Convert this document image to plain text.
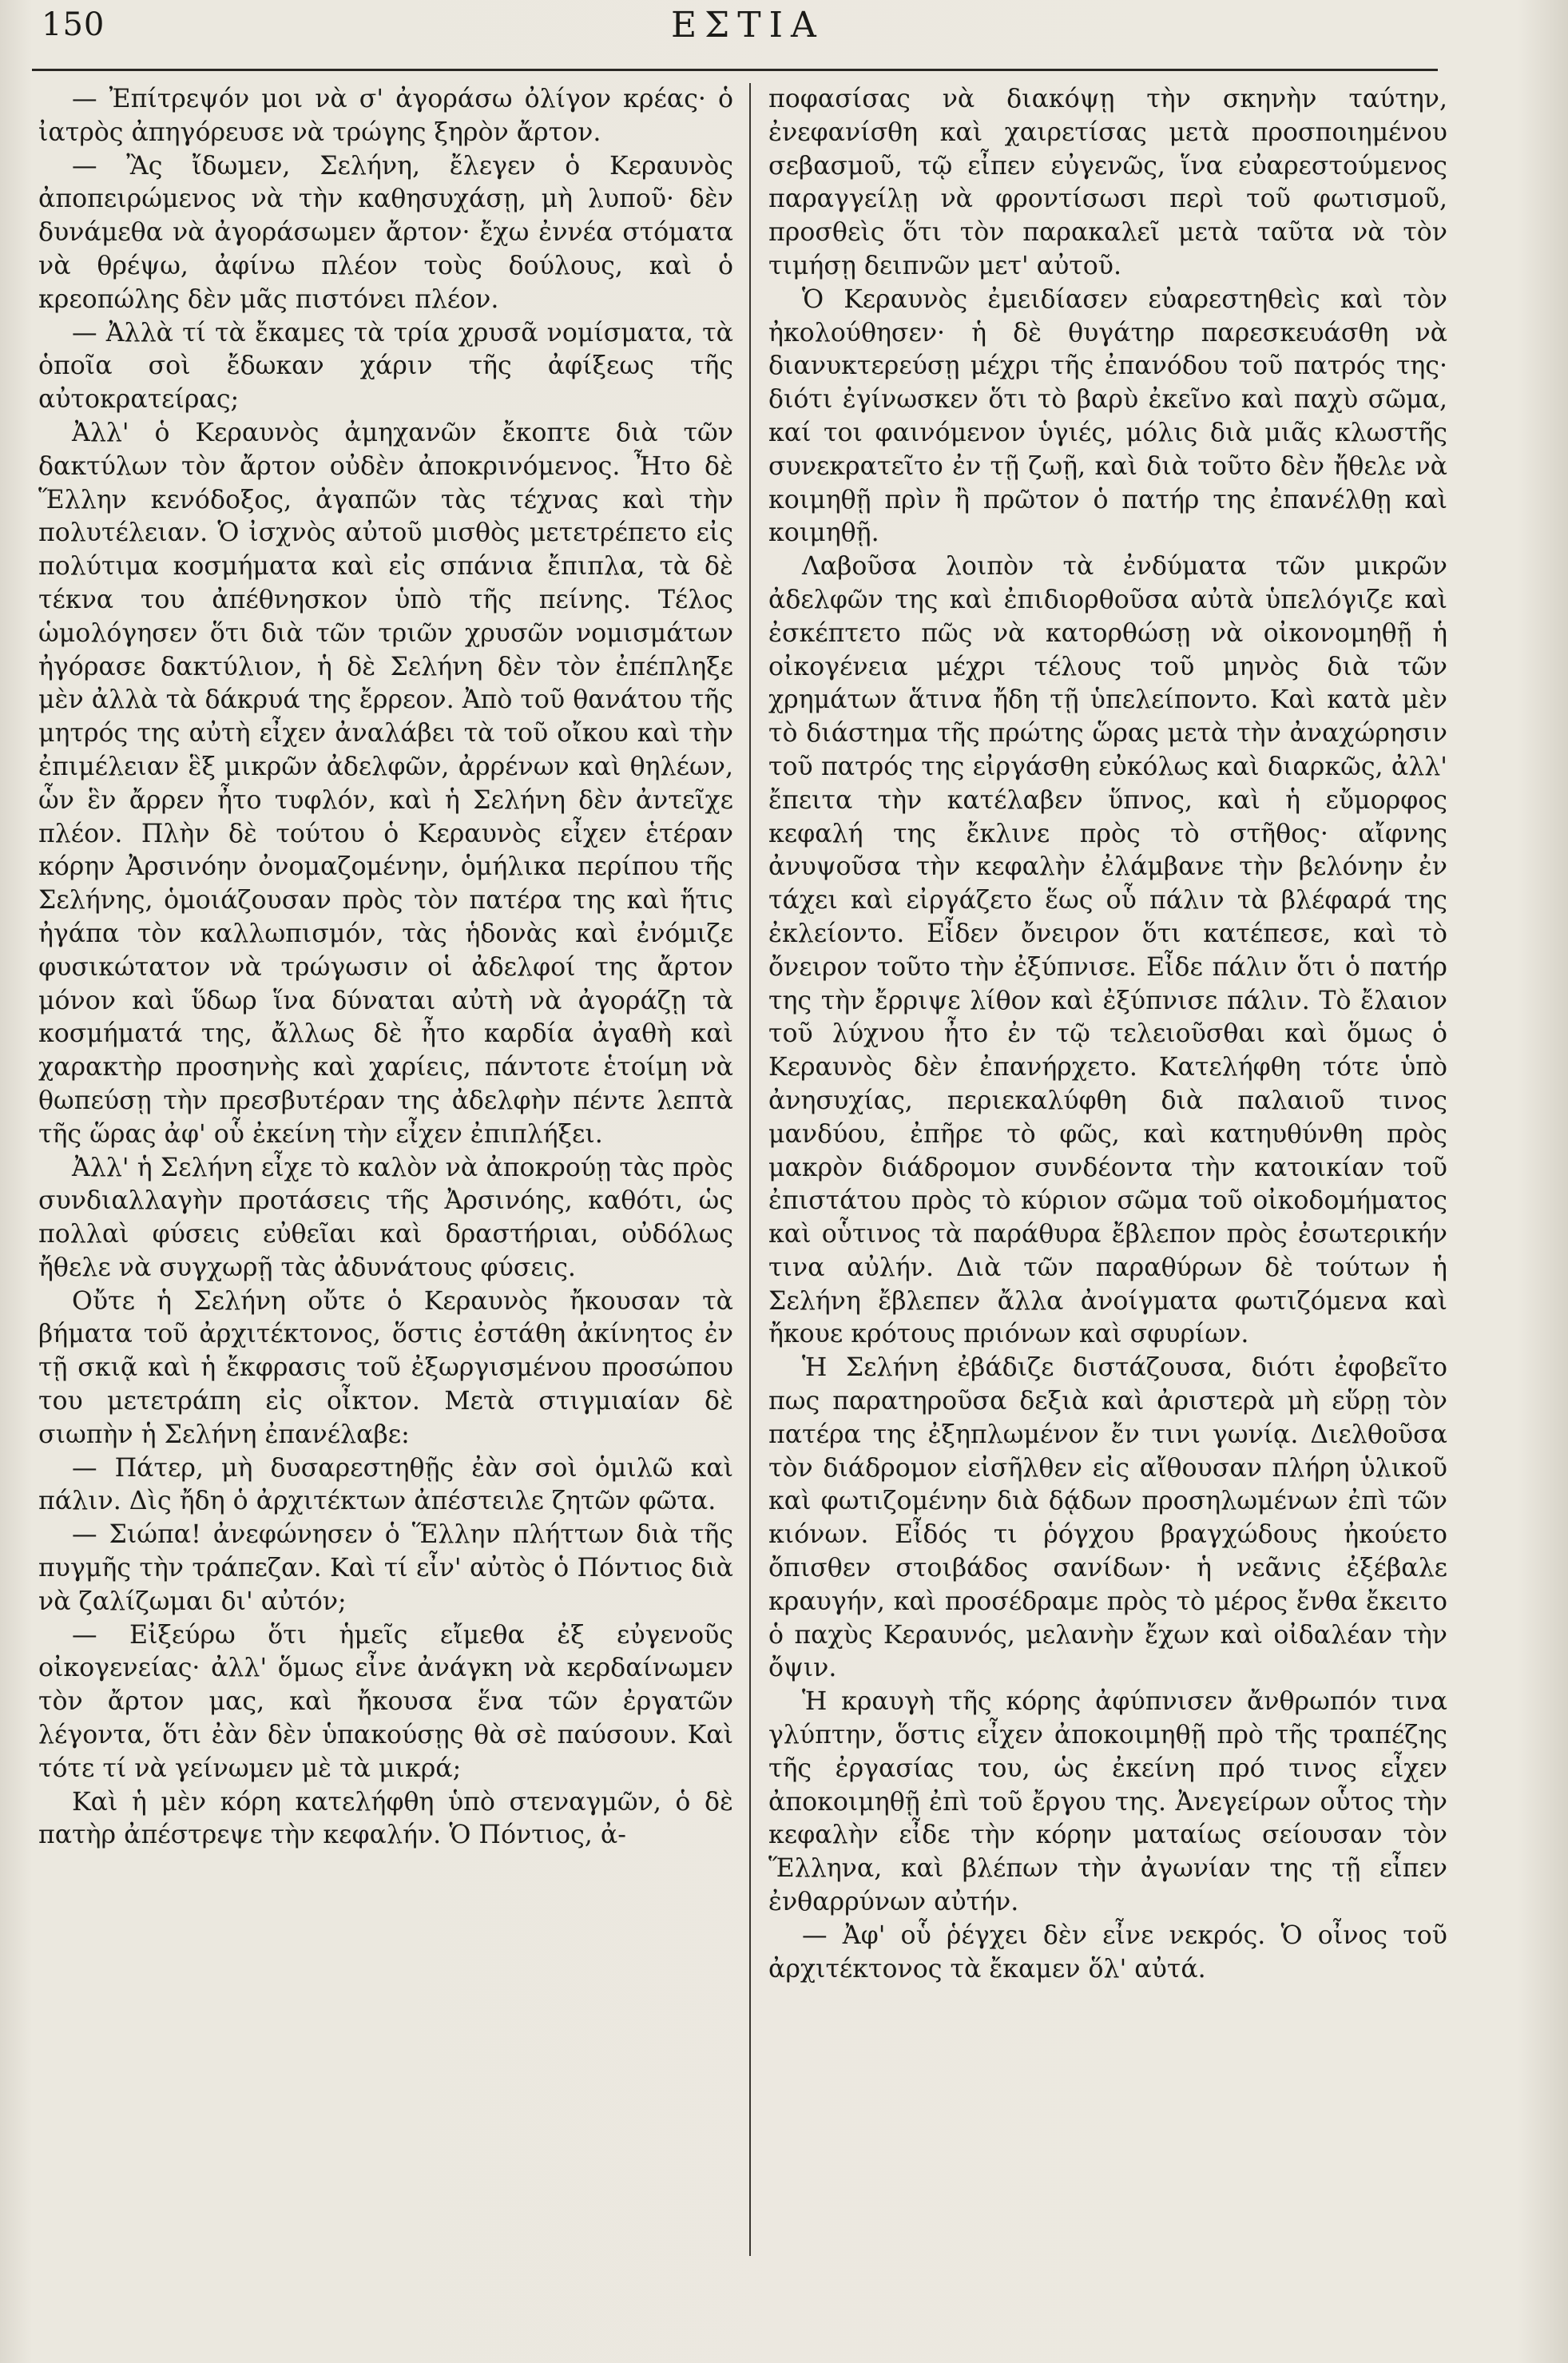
150	ΕΣΤΙΑ

— Ἐπίτρεψόν μοι νὰ σ' ἀγοράσω ὀλίγον κρέας· ὁ ἰατρὸς ἀπηγόρευσε νὰ τρώγης ξηρὸν ἄρτον.

— Ἂς ἴδωμεν, Σελήνη, ἔλεγεν ὁ Κεραυνὸς ἀποπειρώμενος νὰ τὴν καθησυχάσῃ, μὴ λυποῦ· δὲν δυνάμεθα νὰ ἀγοράσωμεν ἄρτον· ἔχω ἐννέα στόματα νὰ θρέψω, ἀφίνω πλέον τοὺς δούλους, καὶ ὁ κρεοπώλης δὲν μᾶς πιστόνει πλέον.

— Ἀλλὰ τί τὰ ἔκαμες τὰ τρία χρυσᾶ νομίσματα, τὰ ὁποῖα σοὶ ἔδωκαν χάριν τῆς ἀφίξεως τῆς αὐτοκρατείρας;

Ἀλλ' ὁ Κεραυνὸς ἀμηχανῶν ἔκοπτε διὰ τῶν δακτύλων τὸν ἄρτον οὐδὲν ἀποκρινόμενος. Ἦτο δὲ Ἕλλην κενόδοξος, ἀγαπῶν τὰς τέχνας καὶ τὴν πολυτέλειαν. Ὁ ἰσχνὸς αὐτοῦ μισθὸς μετετρέπετο εἰς πολύτιμα κοσμήματα καὶ εἰς σπάνια ἔπιπλα, τὰ δὲ τέκνα του ἀπέθνησκον ὑπὸ τῆς πείνης. Τέλος ὡμολόγησεν ὅτι διὰ τῶν τριῶν χρυσῶν νομισμάτων ἠγόρασε δακτύλιον, ἡ δὲ Σελήνη δὲν τὸν ἐπέπληξε μὲν ἀλλὰ τὰ δάκρυά της ἔρρεον. Ἀπὸ τοῦ θανάτου τῆς μητρός της αὐτὴ εἶχεν ἀναλάβει τὰ τοῦ οἴκου καὶ τὴν ἐπιμέλειαν ἓξ μικρῶν ἀδελφῶν, ἀρρένων καὶ θηλέων, ὧν ἓν ἄρρεν ἦτο τυφλόν, καὶ ἡ Σελήνη δὲν ἀντεῖχε πλέον. Πλὴν δὲ τούτου ὁ Κεραυνὸς εἶχεν ἑτέραν κόρην Ἀρσινόην ὀνομαζομένην, ὁμήλικα περίπου τῆς Σελήνης, ὁμοιάζουσαν πρὸς τὸν πατέρα της καὶ ἥτις ἠγάπα τὸν καλλωπισμόν, τὰς ἡδονὰς καὶ ἐνόμιζε φυσικώτατον νὰ τρώγωσιν οἱ ἀδελφοί της ἄρτον μόνον καὶ ὕδωρ ἵνα δύναται αὐτὴ νὰ ἀγοράζῃ τὰ κοσμήματά της, ἄλλως δὲ ἦτο καρδία ἀγαθὴ καὶ χαρακτὴρ προσηνὴς καὶ χαρίεις, πάντοτε ἑτοίμη νὰ θωπεύσῃ τὴν πρεσβυτέραν της ἀδελφὴν πέντε λεπτὰ τῆς ὥρας ἀφ' οὗ ἐκείνη τὴν εἶχεν ἐπιπλήξει.

Ἀλλ' ἡ Σελήνη εἶχε τὸ καλὸν νὰ ἀποκρούῃ τὰς πρὸς συνδιαλλαγὴν προτάσεις τῆς Ἀρσινόης, καθότι, ὡς πολλαὶ φύσεις εὐθεῖαι καὶ δραστήριαι, οὐδόλως ἤθελε νὰ συγχωρῇ τὰς ἀδυνάτους φύσεις.

Οὔτε ἡ Σελήνη οὔτε ὁ Κεραυνὸς ἤκουσαν τὰ βήματα τοῦ ἀρχιτέκτονος, ὅστις ἐστάθη ἀκίνητος ἐν τῇ σκιᾷ καὶ ἡ ἔκφρασις τοῦ ἐξωργισμένου προσώπου του μετετράπη εἰς οἶκτον. Μετὰ στιγμιαίαν δὲ σιωπὴν ἡ Σελήνη ἐπανέλαβε:

— Πάτερ, μὴ δυσαρεστηθῇς ἐὰν σοὶ ὁμιλῶ καὶ πάλιν. Δὶς ἤδη ὁ ἀρχιτέκτων ἀπέστειλε ζητῶν φῶτα.

— Σιώπα! ἀνεφώνησεν ὁ Ἕλλην πλήττων διὰ τῆς πυγμῆς τὴν τράπεζαν. Καὶ τί εἶν' αὐτὸς ὁ Πόντιος διὰ νὰ ζαλίζωμαι δι' αὐτόν;

— Εἰξεύρω ὅτι ἡμεῖς εἴμεθα ἐξ εὐγενοῦς οἰκογενείας· ἀλλ' ὅμως εἶνε ἀνάγκη νὰ κερδαίνωμεν τὸν ἄρτον μας, καὶ ἤκουσα ἕνα τῶν ἐργατῶν λέγοντα, ὅτι ἐὰν δὲν ὑπακούσῃς θὰ σὲ παύσουν. Καὶ τότε τί νὰ γείνωμεν μὲ τὰ μικρά;

Καὶ ἡ μὲν κόρη κατελήφθη ὑπὸ στεναγμῶν, ὁ δὲ πατὴρ ἀπέστρεψε τὴν κεφαλήν. Ὁ Πόντιος, ἀ-

ποφασίσας νὰ διακόψῃ τὴν σκηνὴν ταύτην, ἐνεφανίσθη καὶ χαιρετίσας μετὰ προσποιημένου σεβασμοῦ, τῷ εἶπεν εὐγενῶς, ἵνα εὐαρεστούμενος παραγγείλῃ νὰ φροντίσωσι περὶ τοῦ φωτισμοῦ, προσθεὶς ὅτι τὸν παρακαλεῖ μετὰ ταῦτα νὰ τὸν τιμήσῃ δειπνῶν μετ' αὐτοῦ.

Ὁ Κεραυνὸς ἐμειδίασεν εὐαρεστηθεὶς καὶ τὸν ἠκολούθησεν· ἡ δὲ θυγάτηρ παρεσκευάσθη νὰ διανυκτερεύσῃ μέχρι τῆς ἐπανόδου τοῦ πατρός της· διότι ἐγίνωσκεν ὅτι τὸ βαρὺ ἐκεῖνο καὶ παχὺ σῶμα, καί τοι φαινόμενον ὑγιές, μόλις διὰ μιᾶς κλωστῆς συνεκρατεῖτο ἐν τῇ ζωῇ, καὶ διὰ τοῦτο δὲν ἤθελε νὰ κοιμηθῇ πρὶν ἢ πρῶτον ὁ πατήρ της ἐπανέλθῃ καὶ κοιμηθῇ.

Λαβοῦσα λοιπὸν τὰ ἐνδύματα τῶν μικρῶν ἀδελφῶν της καὶ ἐπιδιορθοῦσα αὐτὰ ὑπελόγιζε καὶ ἐσκέπτετο πῶς νὰ κατορθώσῃ νὰ οἰκονομηθῇ ἡ οἰκογένεια μέχρι τέλους τοῦ μηνὸς διὰ τῶν χρημάτων ἅτινα ἤδη τῇ ὑπελείποντο. Καὶ κατὰ μὲν τὸ διάστημα τῆς πρώτης ὥρας μετὰ τὴν ἀναχώρησιν τοῦ πατρός της εἰργάσθη εὐκόλως καὶ διαρκῶς, ἀλλ' ἔπειτα τὴν κατέλαβεν ὕπνος, καὶ ἡ εὔμορφος κεφαλή της ἔκλινε πρὸς τὸ στῆθος· αἴφνης ἀνυψοῦσα τὴν κεφαλὴν ἐλάμβανε τὴν βελόνην ἐν τάχει καὶ εἰργάζετο ἕως οὗ πάλιν τὰ βλέφαρά της ἐκλείοντο. Εἶδεν ὄνειρον ὅτι κατέπεσε, καὶ τὸ ὄνειρον τοῦτο τὴν ἐξύπνισε. Εἶδε πάλιν ὅτι ὁ πατήρ της τὴν ἔρριψε λίθον καὶ ἐξύπνισε πάλιν. Τὸ ἔλαιον τοῦ λύχνου ἦτο ἐν τῷ τελειοῦσθαι καὶ ὅμως ὁ Κεραυνὸς δὲν ἐπανήρχετο. Κατελήφθη τότε ὑπὸ ἀνησυχίας, περιεκαλύφθη διὰ παλαιοῦ τινος μανδύου, ἐπῆρε τὸ φῶς, καὶ κατηυθύνθη πρὸς μακρὸν διάδρομον συνδέοντα τὴν κατοικίαν τοῦ ἐπιστάτου πρὸς τὸ κύριον σῶμα τοῦ οἰκοδομήματος καὶ οὗτινος τὰ παράθυρα ἔβλεπον πρὸς ἐσωτερικήν τινα αὐλήν. Διὰ τῶν παραθύρων δὲ τούτων ἡ Σελήνη ἔβλεπεν ἄλλα ἀνοίγματα φωτιζόμενα καὶ ἤκουε κρότους πριόνων καὶ σφυρίων.

Ἡ Σελήνη ἐβάδιζε διστάζουσα, διότι ἐφοβεῖτο πως παρατηροῦσα δεξιὰ καὶ ἀριστερὰ μὴ εὕρῃ τὸν πατέρα της ἐξηπλωμένον ἔν τινι γωνίᾳ. Διελθοῦσα τὸν διάδρομον εἰσῆλθεν εἰς αἴθουσαν πλήρη ὑλικοῦ καὶ φωτιζομένην διὰ δᾴδων προσηλωμένων ἐπὶ τῶν κιόνων. Εἶδός τι ῥόγχου βραγχώδους ἠκούετο ὄπισθεν στοιβάδος σανίδων· ἡ νεᾶνις ἐξέβαλε κραυγήν, καὶ προσέδραμε πρὸς τὸ μέρος ἔνθα ἔκειτο ὁ παχὺς Κεραυνός, μελανὴν ἔχων καὶ οἰδαλέαν τὴν ὄψιν.

Ἡ κραυγὴ τῆς κόρης ἀφύπνισεν ἄνθρωπόν τινα γλύπτην, ὅστις εἶχεν ἀποκοιμηθῇ πρὸ τῆς τραπέζης τῆς ἐργασίας του, ὡς ἐκείνη πρό τινος εἶχεν ἀποκοιμηθῇ ἐπὶ τοῦ ἔργου της. Ἀνεγείρων οὗτος τὴν κεφαλὴν εἶδε τὴν κόρην ματαίως σείουσαν τὸν Ἕλληνα, καὶ βλέπων τὴν ἀγωνίαν της τῇ εἶπεν ἐνθαρρύνων αὐτήν.

— Ἀφ' οὗ ῥέγχει δὲν εἶνε νεκρός. Ὁ οἶνος τοῦ ἀρχιτέκτονος τὰ ἔκαμεν ὅλ' αὐτά.
